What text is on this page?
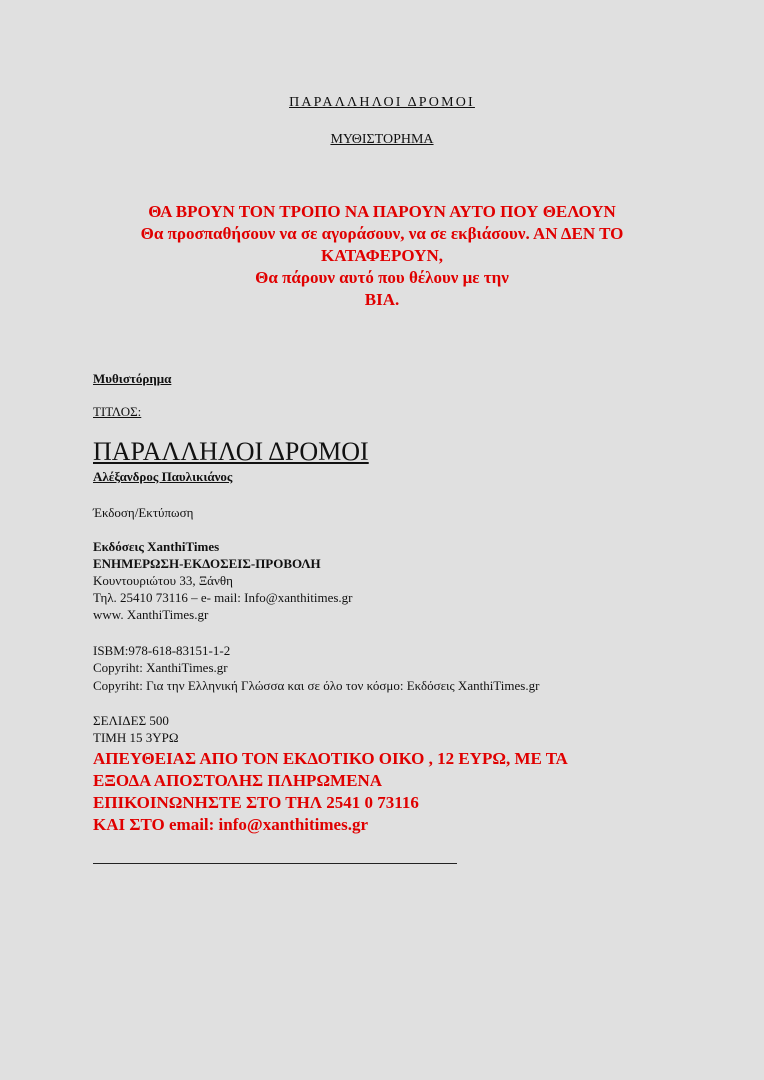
ΠΑΡΑΛΛΗΛΟΙ ΔΡΟΜΟΙ
ΜΥΘΙΣΤΟΡΗΜΑ
ΘΑ ΒΡΟΥΝ ΤΟΝ ΤΡΟΠΟ ΝΑ ΠΑΡΟΥΝ ΑΥΤΟ ΠΟΥ ΘΕΛΟΥΝ
Θα προσπαθήσουν να σε αγοράσουν, να σε εκβιάσουν. ΑΝ ΔΕΝ ΤΟ
ΚΑΤΑΦΕΡΟΥΝ,
Θα πάρουν αυτό που θέλουν με την
ΒΙΑ.
Μυθιστόρημα
ΤΙΤΛΟΣ:
ΠΑΡΑΛΛΗΛΟΙ ΔΡΟΜΟΙ
Αλέξανδρος Παυλικιάνος
Έκδοση/Εκτύπωση
Εκδόσεις XanthiTimes
ΕΝΗΜΕΡΩΣΗ-ΕΚΔΟΣΕΙΣ-ΠΡΟΒΟΛΗ
Κουντουριώτου 33, Ξάνθη
Τηλ. 25410 73116 – e- mail: Info@xanthitimes.gr
www. XanthiTimes.gr
ISBM:978-618-83151-1-2
Copyriht: XanthiTimes.gr
Copyriht: Για την Ελληνική Γλώσσα και σε όλο τον κόσμο: Εκδόσεις XanthiTimes.gr
ΣΕΛΙΔΕΣ 500
ΤΙΜΗ 15 3ΥΡΩ
ΑΠΕΥΘΕΙΑΣ ΑΠΟ ΤΟΝ ΕΚΔΟΤΙΚΟ ΟΙΚΟ , 12 ΕΥΡΩ, ΜΕ ΤΑ
ΕΞΟΔΑ ΑΠΟΣΤΟΛΗΣ ΠΛΗΡΩΜΕΝΑ
ΕΠΙΚΟΙΝΩΝΗΣΤΕ ΣΤΟ ΤΗΛ 2541 0 73116
ΚΑΙ ΣΤΟ email: info@xanthitimes.gr
